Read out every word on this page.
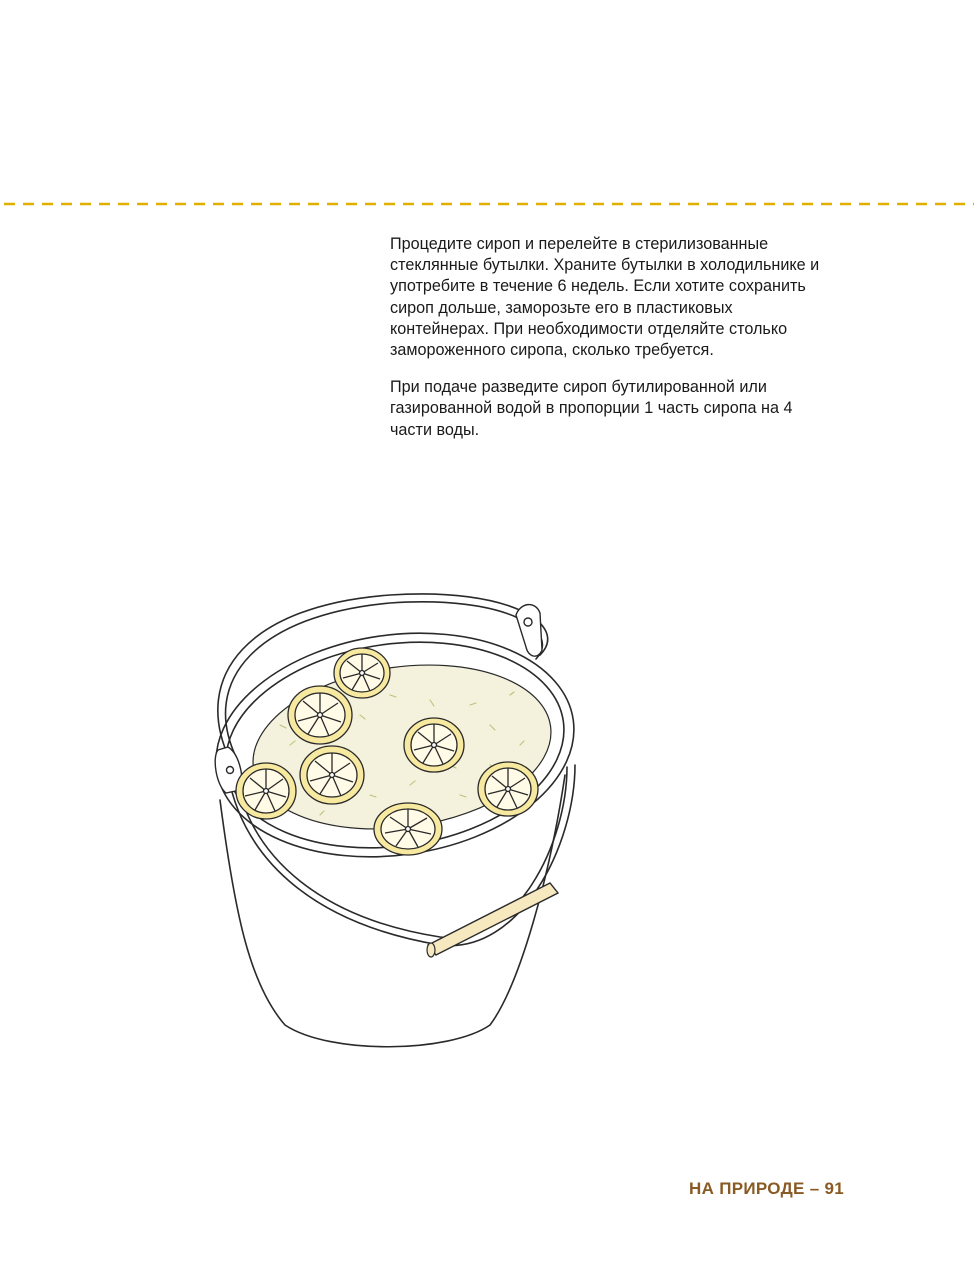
Процедите сироп и перелейте в стерилизованные стеклянные бутылки. Храните бутылки в холодильнике и употребите в течение 6 недель. Если хотите сохранить сироп дольше, заморозьте его в пластиковых контейнерах. При необходимости отделяйте столько замороженного сиропа, сколько требуется.

При подаче разведите сироп бутилированной или газированной водой в пропорции 1 часть сиропа на 4 части воды.

НА ПРИРОДЕ – 91
